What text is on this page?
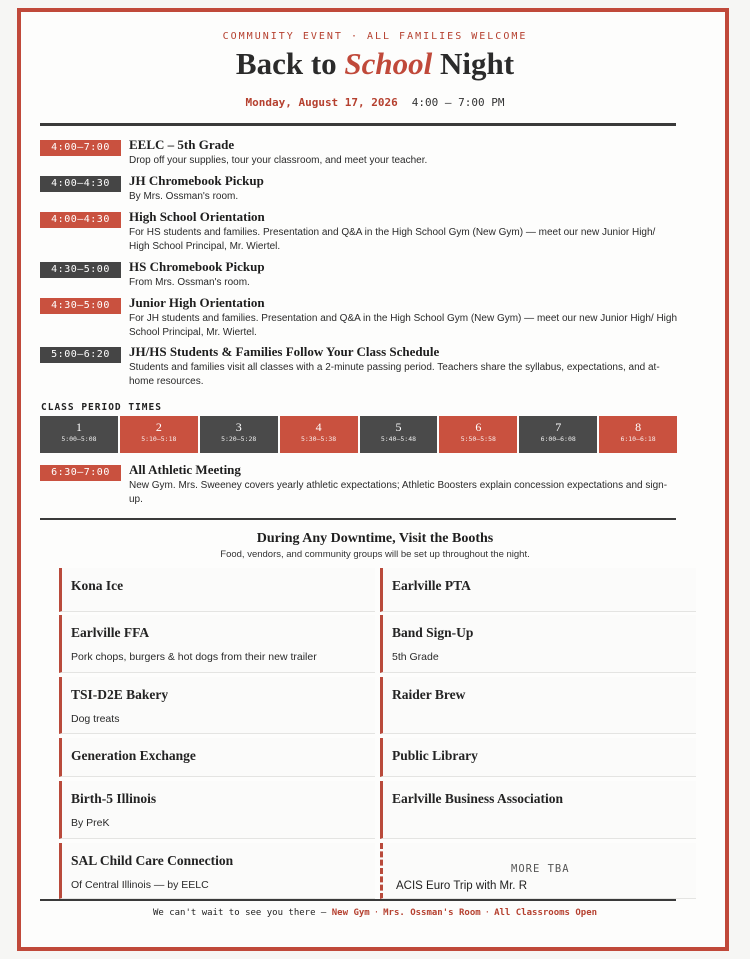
COMMUNITY EVENT · ALL FAMILIES WELCOME
Back to School Night
Monday, August 17, 2026 4:00 – 7:00 PM
4:00–7:00	EELC – 5th Grade
Drop off your supplies, tour your classroom, and meet your teacher.
4:00–4:30	JH Chromebook Pickup
By Mrs. Ossman's room.
4:00–4:30	High School Orientation
For HS students and families. Presentation and Q&A in the High School Gym (New Gym) — meet our new Junior High/ High School Principal, Mr. Wiertel.
4:30–5:00	HS Chromebook Pickup
From Mrs. Ossman's room.
4:30–5:00	Junior High Orientation
For JH students and families. Presentation and Q&A in the High School Gym (New Gym) — meet our new Junior High/ High School Principal, Mr. Wiertel.
5:00–6:20	JH/HS Students & Families Follow Your Class Schedule
Students and families visit all classes with a 2-minute passing period. Teachers share the syllabus, expectations, and at-home resources.
CLASS PERIOD TIMES
1
5:00–5:08
2
5:10–5:18
3
5:20–5:28
4
5:30–5:38
5
5:40–5:48
6
5:50–5:58
7
6:00–6:08
8
6:10–6:18
6:30–7:00	All Athletic Meeting
New Gym. Mrs. Sweeney covers yearly athletic expectations; Athletic Boosters explain concession expectations and sign-up.
During Any Downtime, Visit the Booths
Food, vendors, and community groups will be set up throughout the night.
Kona Ice	Earlville PTA
Earlville FFA
Pork chops, burgers & hot dogs from their new trailer
Band Sign-Up
5th Grade
TSI-D2E Bakery
Dog treats
Raider Brew
Generation Exchange	Public Library
Birth-5 Illinois
By PreK
Earlville Business Association
SAL Child Care Connection
Of Central Illinois — by EELC
MORE TBA
ACIS Euro Trip with Mr. R
We can't wait to see you there — New Gym · Mrs. Ossman's Room · All Classrooms Open
